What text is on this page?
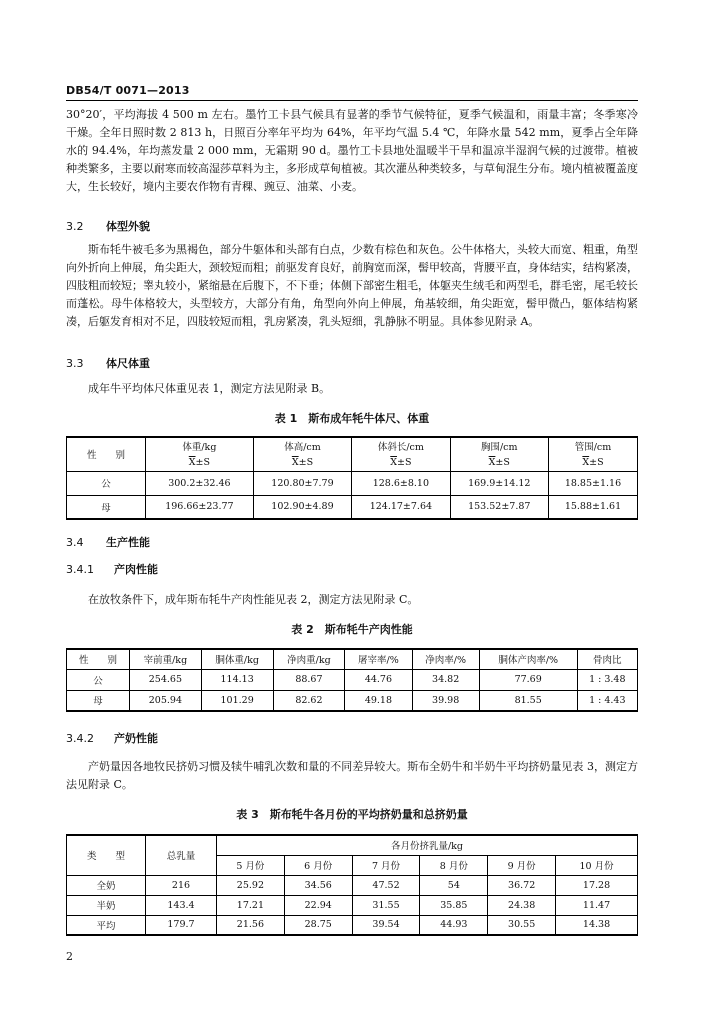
DB54/T 0071—2013

30°20′，平均海拔 4 500 m 左右。墨竹工卡县气候具有显著的季节气候特征，夏季气候温和，雨量丰富；冬季寒冷干燥。全年日照时数 2 813 h，日照百分率年平均为 64%，年平均气温 5.4 ℃，年降水量 542 mm，夏季占全年降水的 94.4%，年均蒸发量 2 000 mm，无霜期 90 d。墨竹工卡县地处温暖半干旱和温凉半湿润气候的过渡带。植被种类繁多，主要以耐寒而较高湿莎草料为主，多形成草甸植被。其次灌丛种类较多，与草甸混生分布。境内植被覆盖度大，生长较好，境内主要农作物有青稞、豌豆、油菜、小麦。

3.2 体型外貌

斯布牦牛被毛多为黑褐色，部分牛躯体和头部有白点，少数有棕色和灰色。公牛体格大，头较大而宽、粗重，角型向外折向上伸展，角尖距大，颈较短而粗；前驱发育良好，前胸宽而深，髻甲较高，背腰平直，身体结实，结构紧凑，四肢粗而较短；睾丸较小，紧缩悬在后腹下，不下垂；体侧下部密生粗毛，体躯夹生绒毛和两型毛，群毛密，尾毛较长而蓬松。母牛体格较大，头型较方，大部分有角，角型向外向上伸展，角基较细，角尖距宽，髻甲微凸，躯体结构紧凑，后躯发育相对不足，四肢较短而粗，乳房紧凑，乳头短细，乳静脉不明显。具体参见附录 A。

3.3 体尺体重

成年牛平均体尺体重见表 1，测定方法见附录 B。

表 1　斯布成年牦牛体尺、体重
性　　别	体重/kg	体高/cm	体斜长/cm	胸围/cm	管围/cm
	$\overline{X}\pm S$	$\overline{X}\pm S$	$\overline{X}\pm S$	$\overline{X}\pm S$	$\overline{X}\pm S$
公	300.2±32.46	120.80±7.79	128.6±8.10	169.9±14.12	18.85±1.16
母	196.66±23.77	102.90±4.89	124.17±7.64	153.52±7.87	15.88±1.61
3.4 生产性能
3.4.1 产肉性能

在放牧条件下，成年斯布牦牛产肉性能见表 2，测定方法见附录 C。

表 2　斯布牦牛产肉性能
性　　别	宰前重/kg	胴体重/kg	净肉重/kg	屠宰率/%	净肉率/%	胴体产肉率/%	骨肉比
公	254.65	114.13	88.67	44.76	34.82	77.69	1 : 3.48
母	205.94	101.29	82.62	49.18	39.98	81.55	1 : 4.43
3.4.2 产奶性能

产奶量因各地牧民挤奶习惯及犊牛哺乳次数和量的不同差异较大。斯布全奶牛和半奶牛平均挤奶量见表 3，测定方法见附录 C。

表 3　斯布牦牛各月份的平均挤奶量和总挤奶量
类　　型	总乳量	各月份挤乳量/kg					
		5 月份	6 月份	7 月份	8 月份	9 月份	10 月份
全奶	216	25.92	34.56	47.52	54	36.72	17.28
半奶	143.4	17.21	22.94	31.55	35.85	24.38	11.47
平均	179.7	21.56	28.75	39.54	44.93	30.55	14.38
2
